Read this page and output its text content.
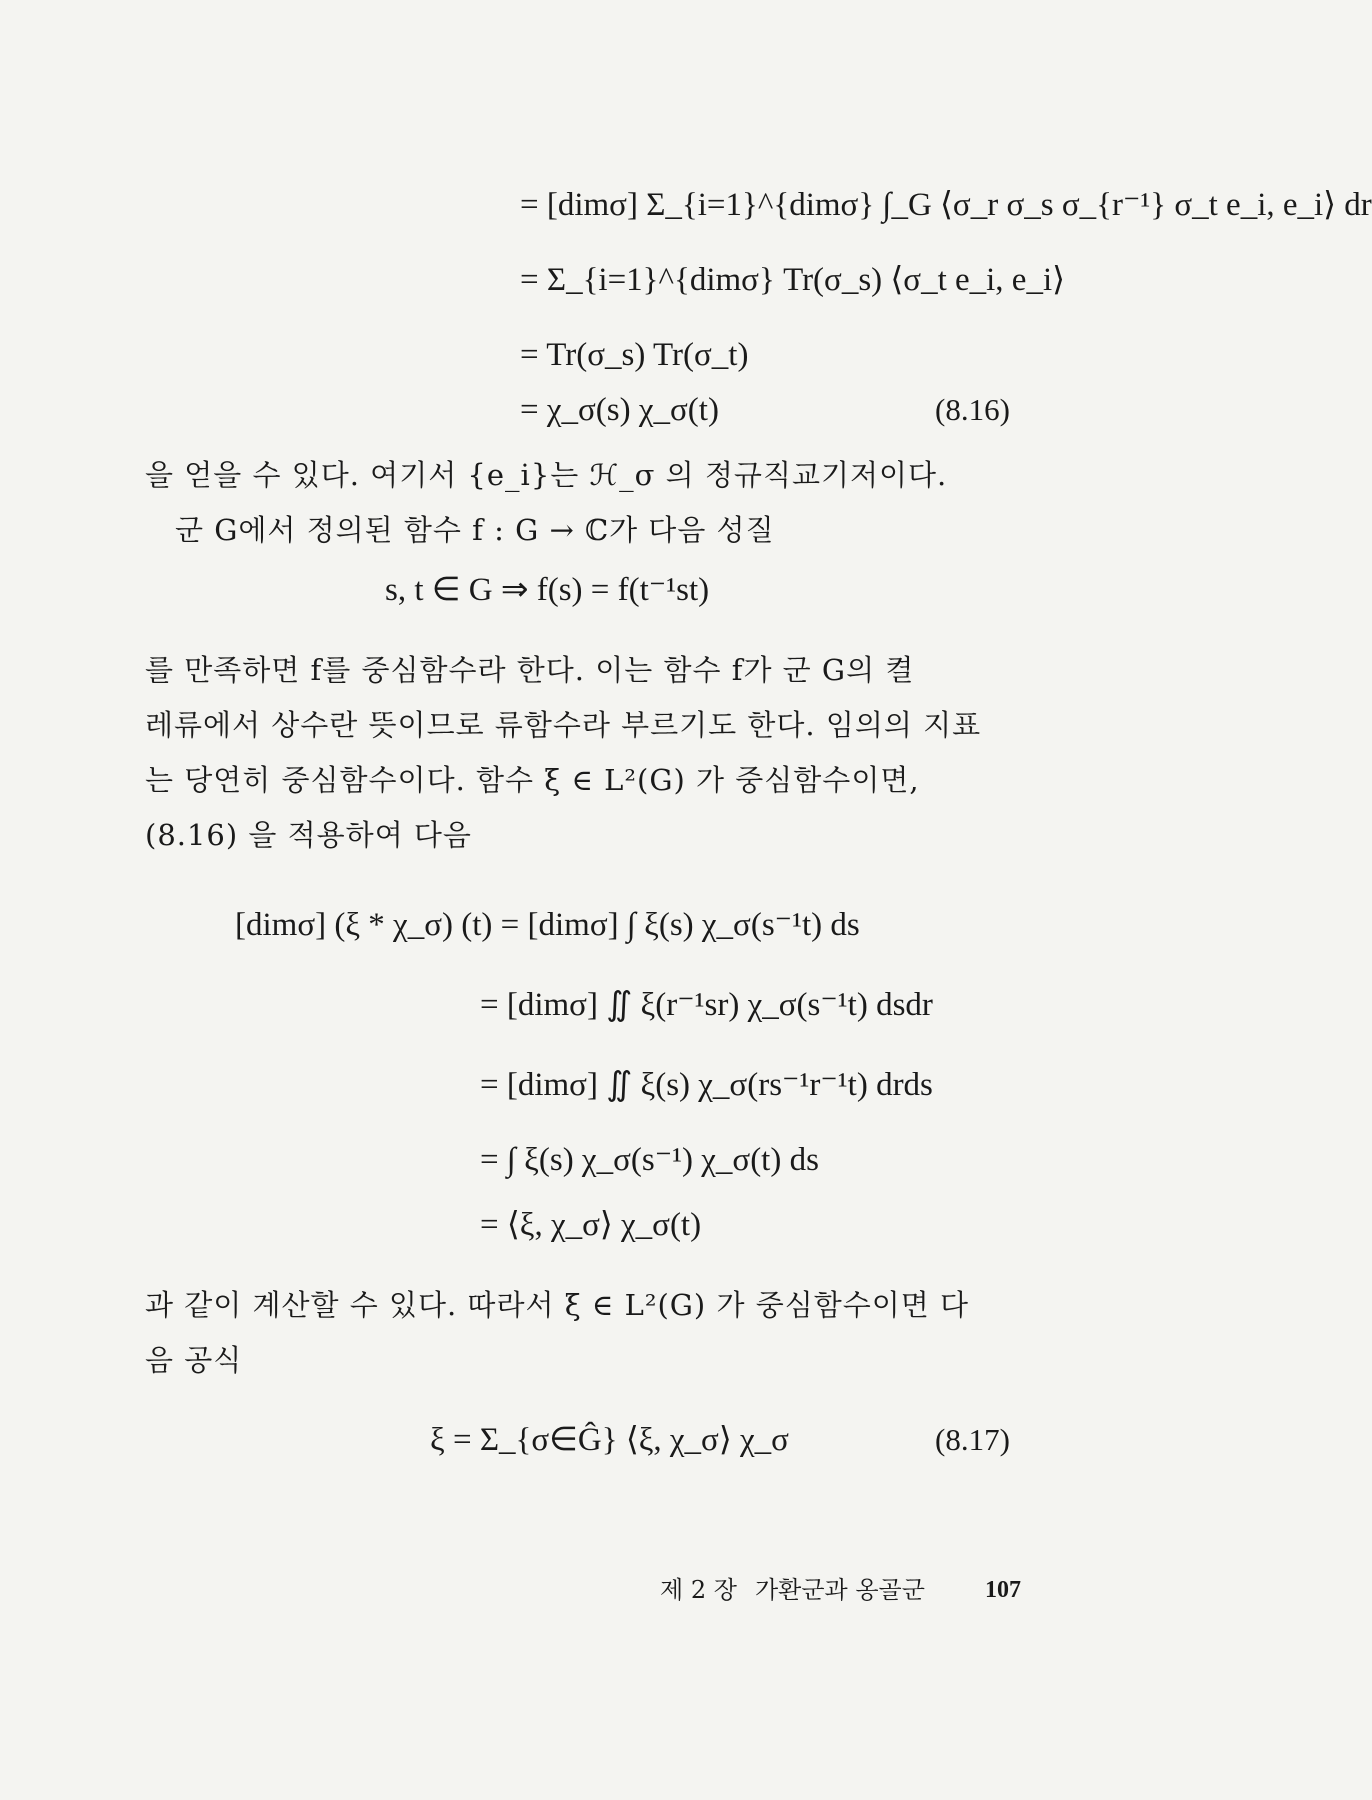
= [dimσ] Σ_{i=1}^{dimσ} ∫_G ⟨σ_r σ_s σ_{r⁻¹} σ_t e_i, e_i⟩ dr
= Σ_{i=1}^{dimσ} Tr(σ_s) ⟨σ_t e_i, e_i⟩
= Tr(σ_s) Tr(σ_t)
= χ_σ(s) χ_σ(t)	(8.16)
을 얻을 수 있다. 여기서 {e_i}는 ℋ_σ 의 정규직교기저이다.
군 G에서 정의된 함수 f : G → ℂ가 다음 성질
s, t ∈ G ⇒ f(s) = f(t⁻¹st)
를 만족하면 f를 중심함수라 한다. 이는 함수 f가 군 G의 켤
레류에서 상수란 뜻이므로 류함수라 부르기도 한다. 임의의 지표
는 당연히 중심함수이다. 함수 ξ ∈ L²(G) 가 중심함수이면,
(8.16) 을 적용하여 다음
[dimσ] (ξ * χ_σ) (t) = [dimσ] ∫ ξ(s) χ_σ(s⁻¹t) ds
= [dimσ] ∬ ξ(r⁻¹sr) χ_σ(s⁻¹t) dsdr
= [dimσ] ∬ ξ(s) χ_σ(rs⁻¹r⁻¹t) drds
= ∫ ξ(s) χ_σ(s⁻¹) χ_σ(t) ds
= ⟨ξ, χ_σ⟩ χ_σ(t)
과 같이 계산할 수 있다. 따라서 ξ ∈ L²(G) 가 중심함수이면 다
음 공식
ξ = Σ_{σ∈Ĝ} ⟨ξ, χ_σ⟩ χ_σ	(8.17)
제 2 장 가환군과 옹골군	107
